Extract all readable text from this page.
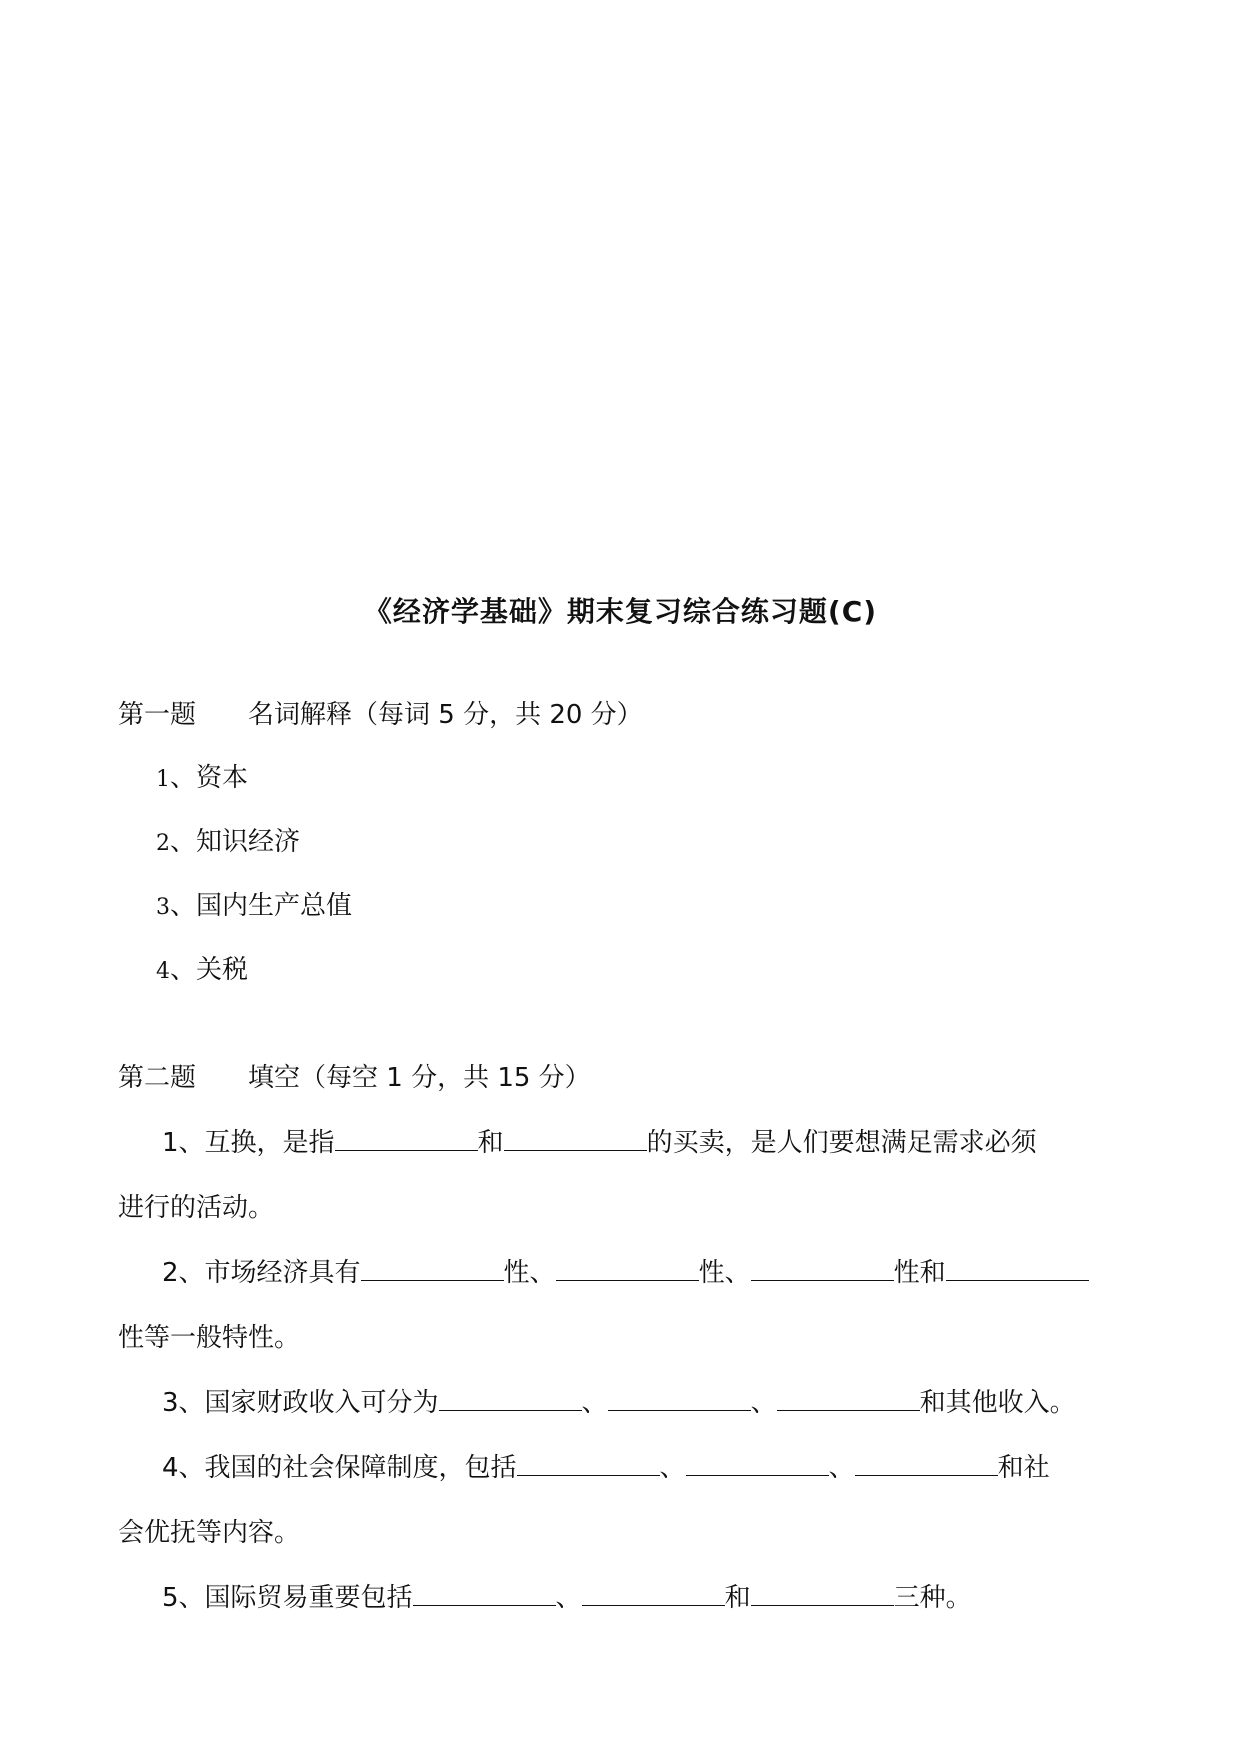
《经济学基础》期末复习综合练习题(C)
第一题 名词解释（每词 5 分，共 20 分）
1、资本
2、知识经济
3、国内生产总值
4、关税
第二题 填空（每空 1 分，共 15 分）
1、互换，是指	和	的买卖，是人们要想满足需求必须
进行的活动。
2、市场经济具有	性、	性、	性和
性等一般特性。
3、国家财政收入可分为	、	、	和其他收入。
4、我国的社会保障制度，包括	、	、	和社
会优抚等内容。
5、国际贸易重要包括	、	和	三种。
